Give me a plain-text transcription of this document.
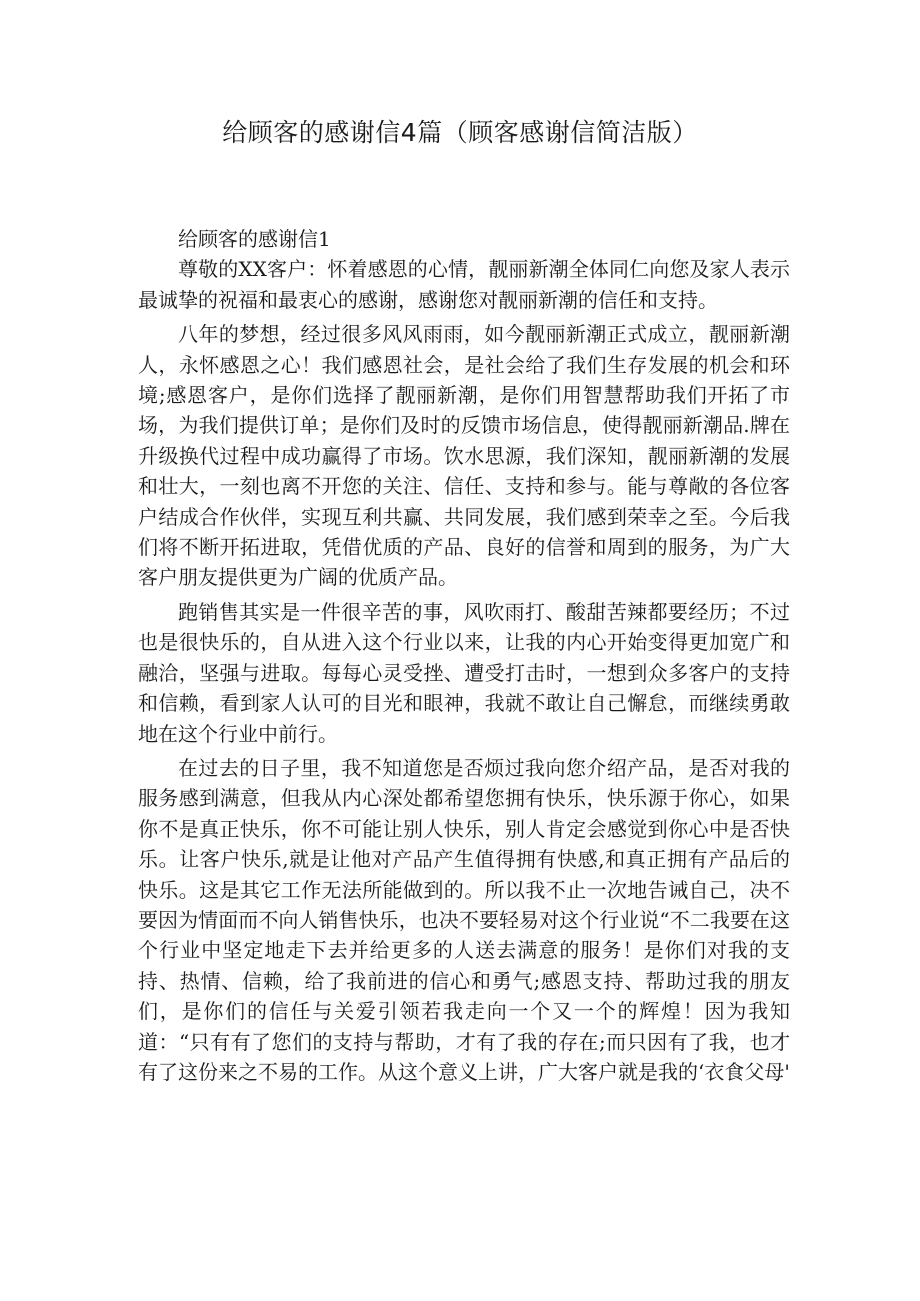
给顾客的感谢信4篇（顾客感谢信简洁版）

给顾客的感谢信1

尊敬的XX客户：怀着感恩的心情，靓丽新潮全体同仁向您及家人表示最诚挚的祝福和最衷心的感谢，感谢您对靓丽新潮的信任和支持。

八年的梦想，经过很多风风雨雨，如今靓丽新潮正式成立，靓丽新潮人，永怀感恩之心！我们感恩社会，是社会给了我们生存发展的机会和环境;感恩客户，是你们选择了靓丽新潮，是你们用智慧帮助我们开拓了市场，为我们提供订单；是你们及时的反馈市场信息，使得靓丽新潮品.牌在升级换代过程中成功赢得了市场。饮水思源，我们深知，靓丽新潮的发展和壮大，一刻也离不开您的关注、信任、支持和参与。能与尊敞的各位客户结成合作伙伴，实现互利共赢、共同发展，我们感到荣幸之至。今后我们将不断开拓进取，凭借优质的产品、良好的信誉和周到的服务，为广大客户朋友提供更为广阔的优质产品。

跑销售其实是一件很辛苦的事，风吹雨打、酸甜苦辣都要经历；不过也是很快乐的，自从进入这个行业以来，让我的内心开始变得更加宽广和融洽，坚强与进取。每每心灵受挫、遭受打击时，一想到众多客户的支持和信赖，看到家人认可的目光和眼神，我就不敢让自己懈怠，而继续勇敢地在这个行业中前行。

在过去的日子里，我不知道您是否烦过我向您介绍产品，是否对我的服务感到满意，但我从内心深处都希望您拥有快乐，快乐源于你心，如果你不是真正快乐，你不可能让别人快乐，别人肯定会感觉到你心中是否快乐。让客户快乐,就是让他对产品产生值得拥有快感,和真正拥有产品后的快乐。这是其它工作无法所能做到的。所以我不止一次地告诫自己，决不要因为情面而不向人销售快乐，也决不要轻易对这个行业说“不二我要在这个行业中坚定地走下去并给更多的人送去满意的服务！是你们对我的支持、热情、信赖，给了我前进的信心和勇气;感恩支持、帮助过我的朋友们，是你们的信任与关爱引领若我走向一个又一个的辉煌！因为我知道：“只有有了您们的支持与帮助，才有了我的存在;而只因有了我，也才有了这份来之不易的工作。从这个意义上讲，广大客户就是我的‘衣食父母'
